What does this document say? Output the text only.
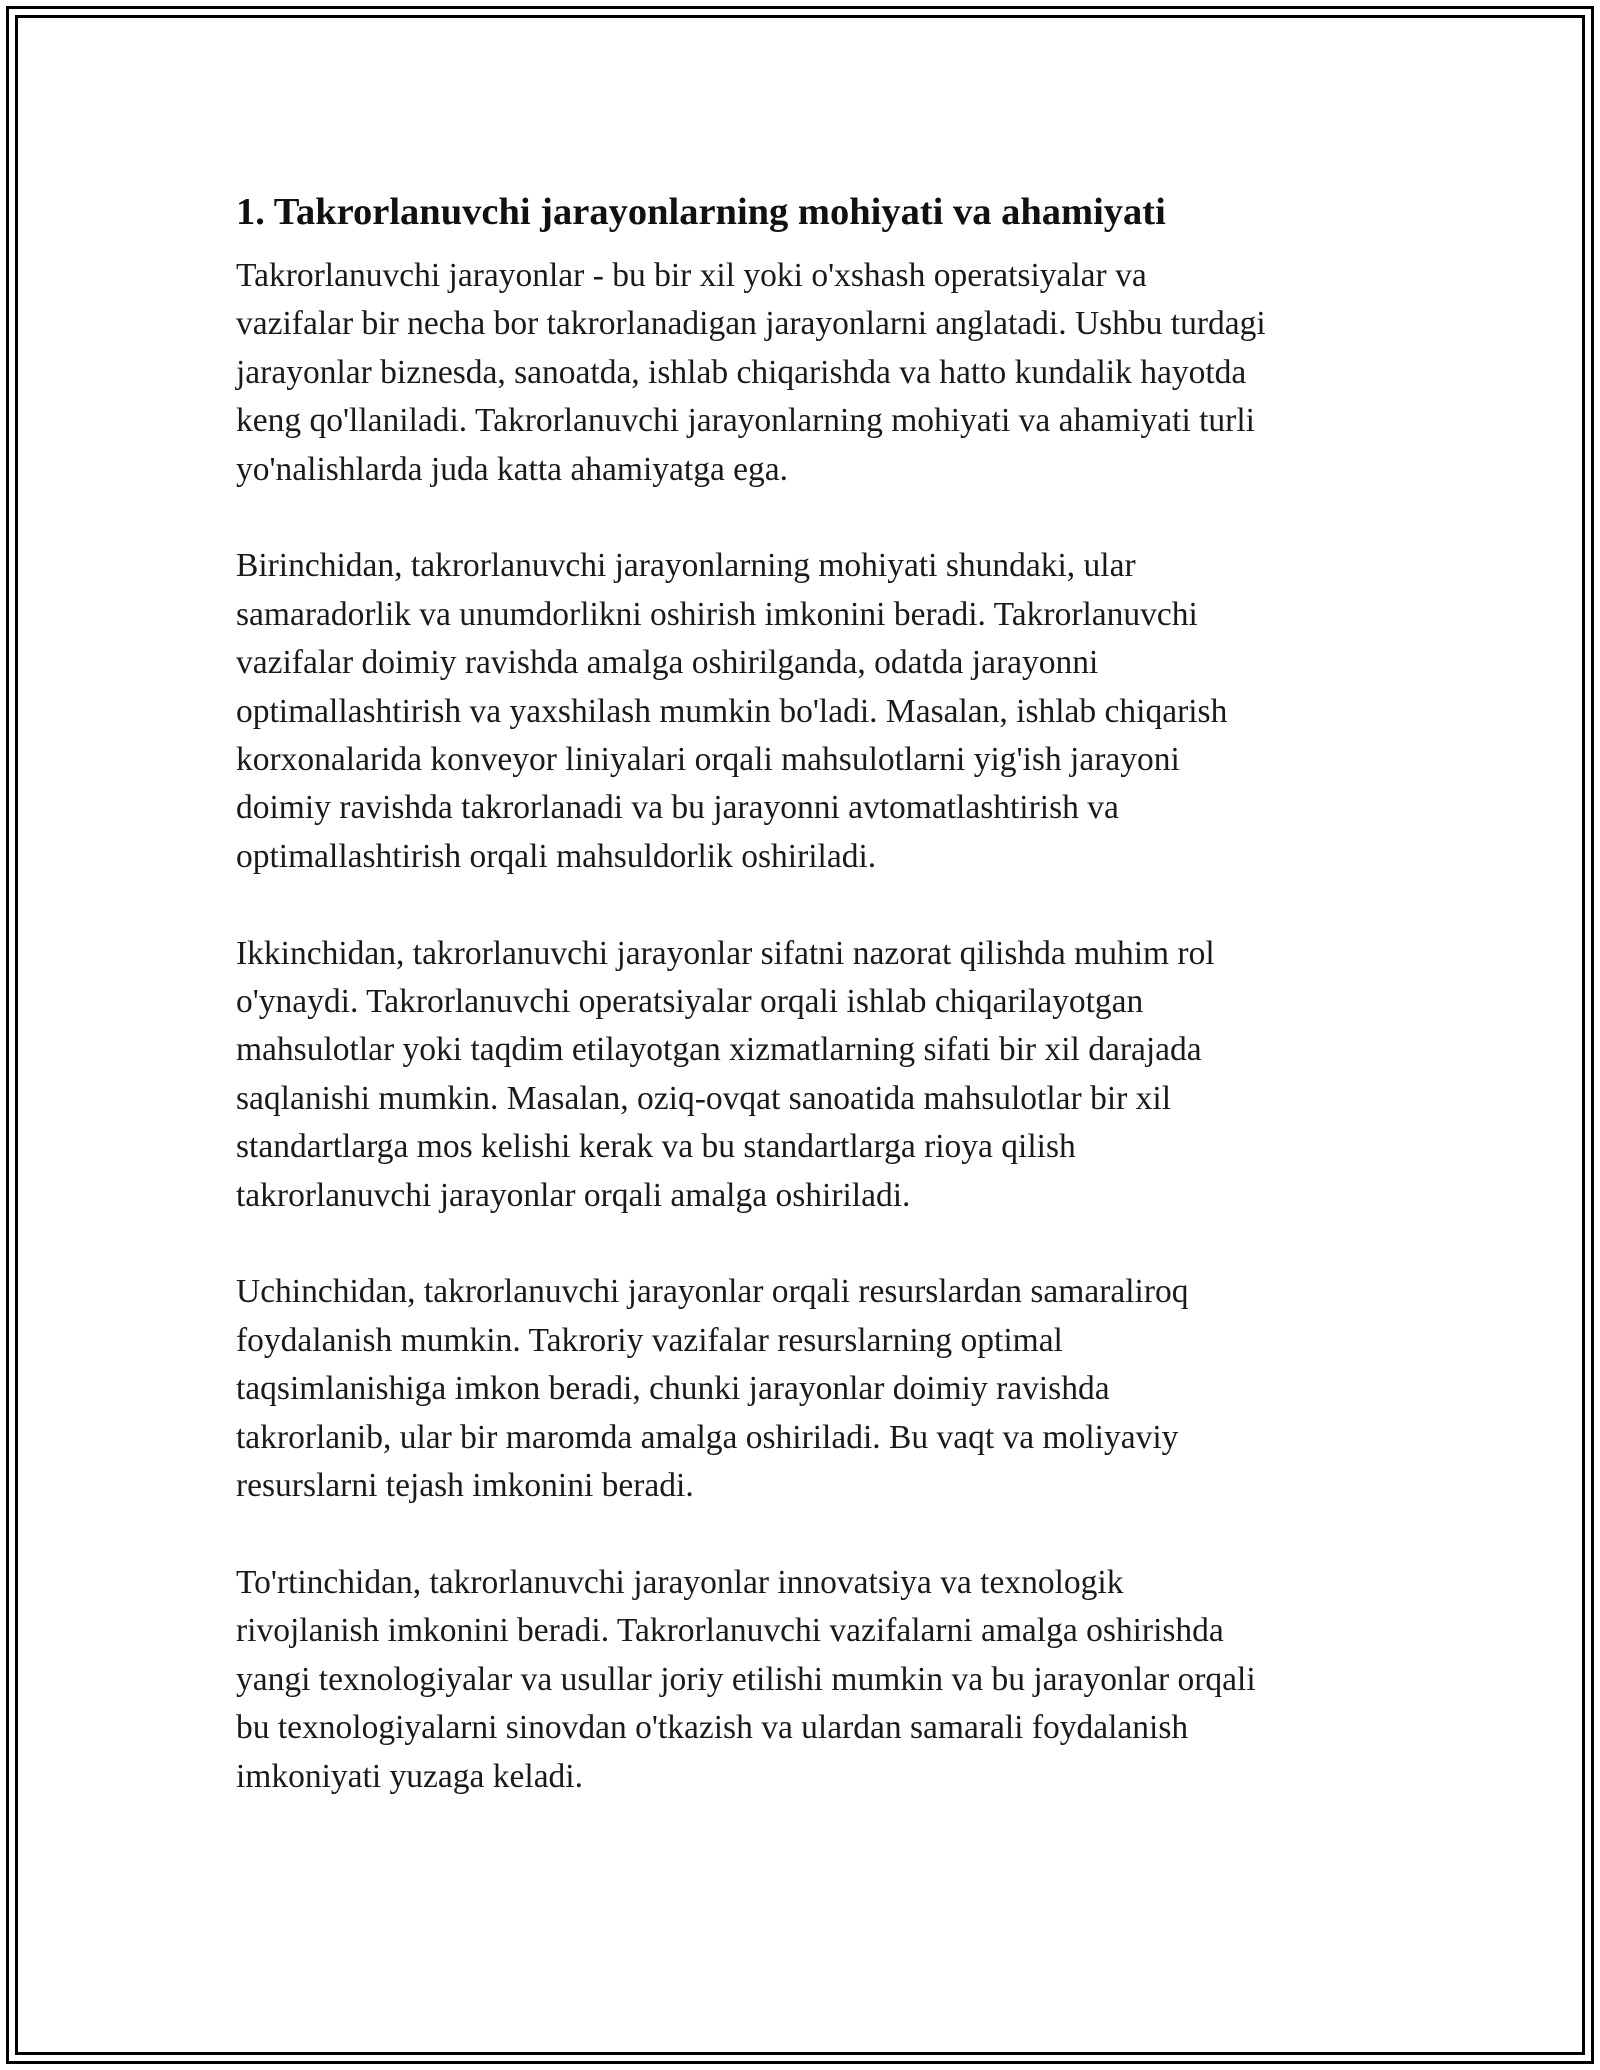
1. Takrorlanuvchi jarayonlarning mohiyati va ahamiyati

Takrorlanuvchi jarayonlar - bu bir xil yoki o'xshash operatsiyalar va
vazifalar bir necha bor takrorlanadigan jarayonlarni anglatadi. Ushbu turdagi
jarayonlar biznesda, sanoatda, ishlab chiqarishda va hatto kundalik hayotda
keng qo'llaniladi. Takrorlanuvchi jarayonlarning mohiyati va ahamiyati turli
yo'nalishlarda juda katta ahamiyatga ega.

Birinchidan, takrorlanuvchi jarayonlarning mohiyati shundaki, ular
samaradorlik va unumdorlikni oshirish imkonini beradi. Takrorlanuvchi
vazifalar doimiy ravishda amalga oshirilganda, odatda jarayonni
optimallashtirish va yaxshilash mumkin bo'ladi. Masalan, ishlab chiqarish
korxonalarida konveyor liniyalari orqali mahsulotlarni yig'ish jarayoni
doimiy ravishda takrorlanadi va bu jarayonni avtomatlashtirish va
optimallashtirish orqali mahsuldorlik oshiriladi.

Ikkinchidan, takrorlanuvchi jarayonlar sifatni nazorat qilishda muhim rol
o'ynaydi. Takrorlanuvchi operatsiyalar orqali ishlab chiqarilayotgan
mahsulotlar yoki taqdim etilayotgan xizmatlarning sifati bir xil darajada
saqlanishi mumkin. Masalan, oziq-ovqat sanoatida mahsulotlar bir xil
standartlarga mos kelishi kerak va bu standartlarga rioya qilish
takrorlanuvchi jarayonlar orqali amalga oshiriladi.

Uchinchidan, takrorlanuvchi jarayonlar orqali resurslardan samaraliroq
foydalanish mumkin. Takroriy vazifalar resurslarning optimal
taqsimlanishiga imkon beradi, chunki jarayonlar doimiy ravishda
takrorlanib, ular bir maromda amalga oshiriladi. Bu vaqt va moliyaviy
resurslarni tejash imkonini beradi.

To'rtinchidan, takrorlanuvchi jarayonlar innovatsiya va texnologik
rivojlanish imkonini beradi. Takrorlanuvchi vazifalarni amalga oshirishda
yangi texnologiyalar va usullar joriy etilishi mumkin va bu jarayonlar orqali
bu texnologiyalarni sinovdan o'tkazish va ulardan samarali foydalanish
imkoniyati yuzaga keladi.
